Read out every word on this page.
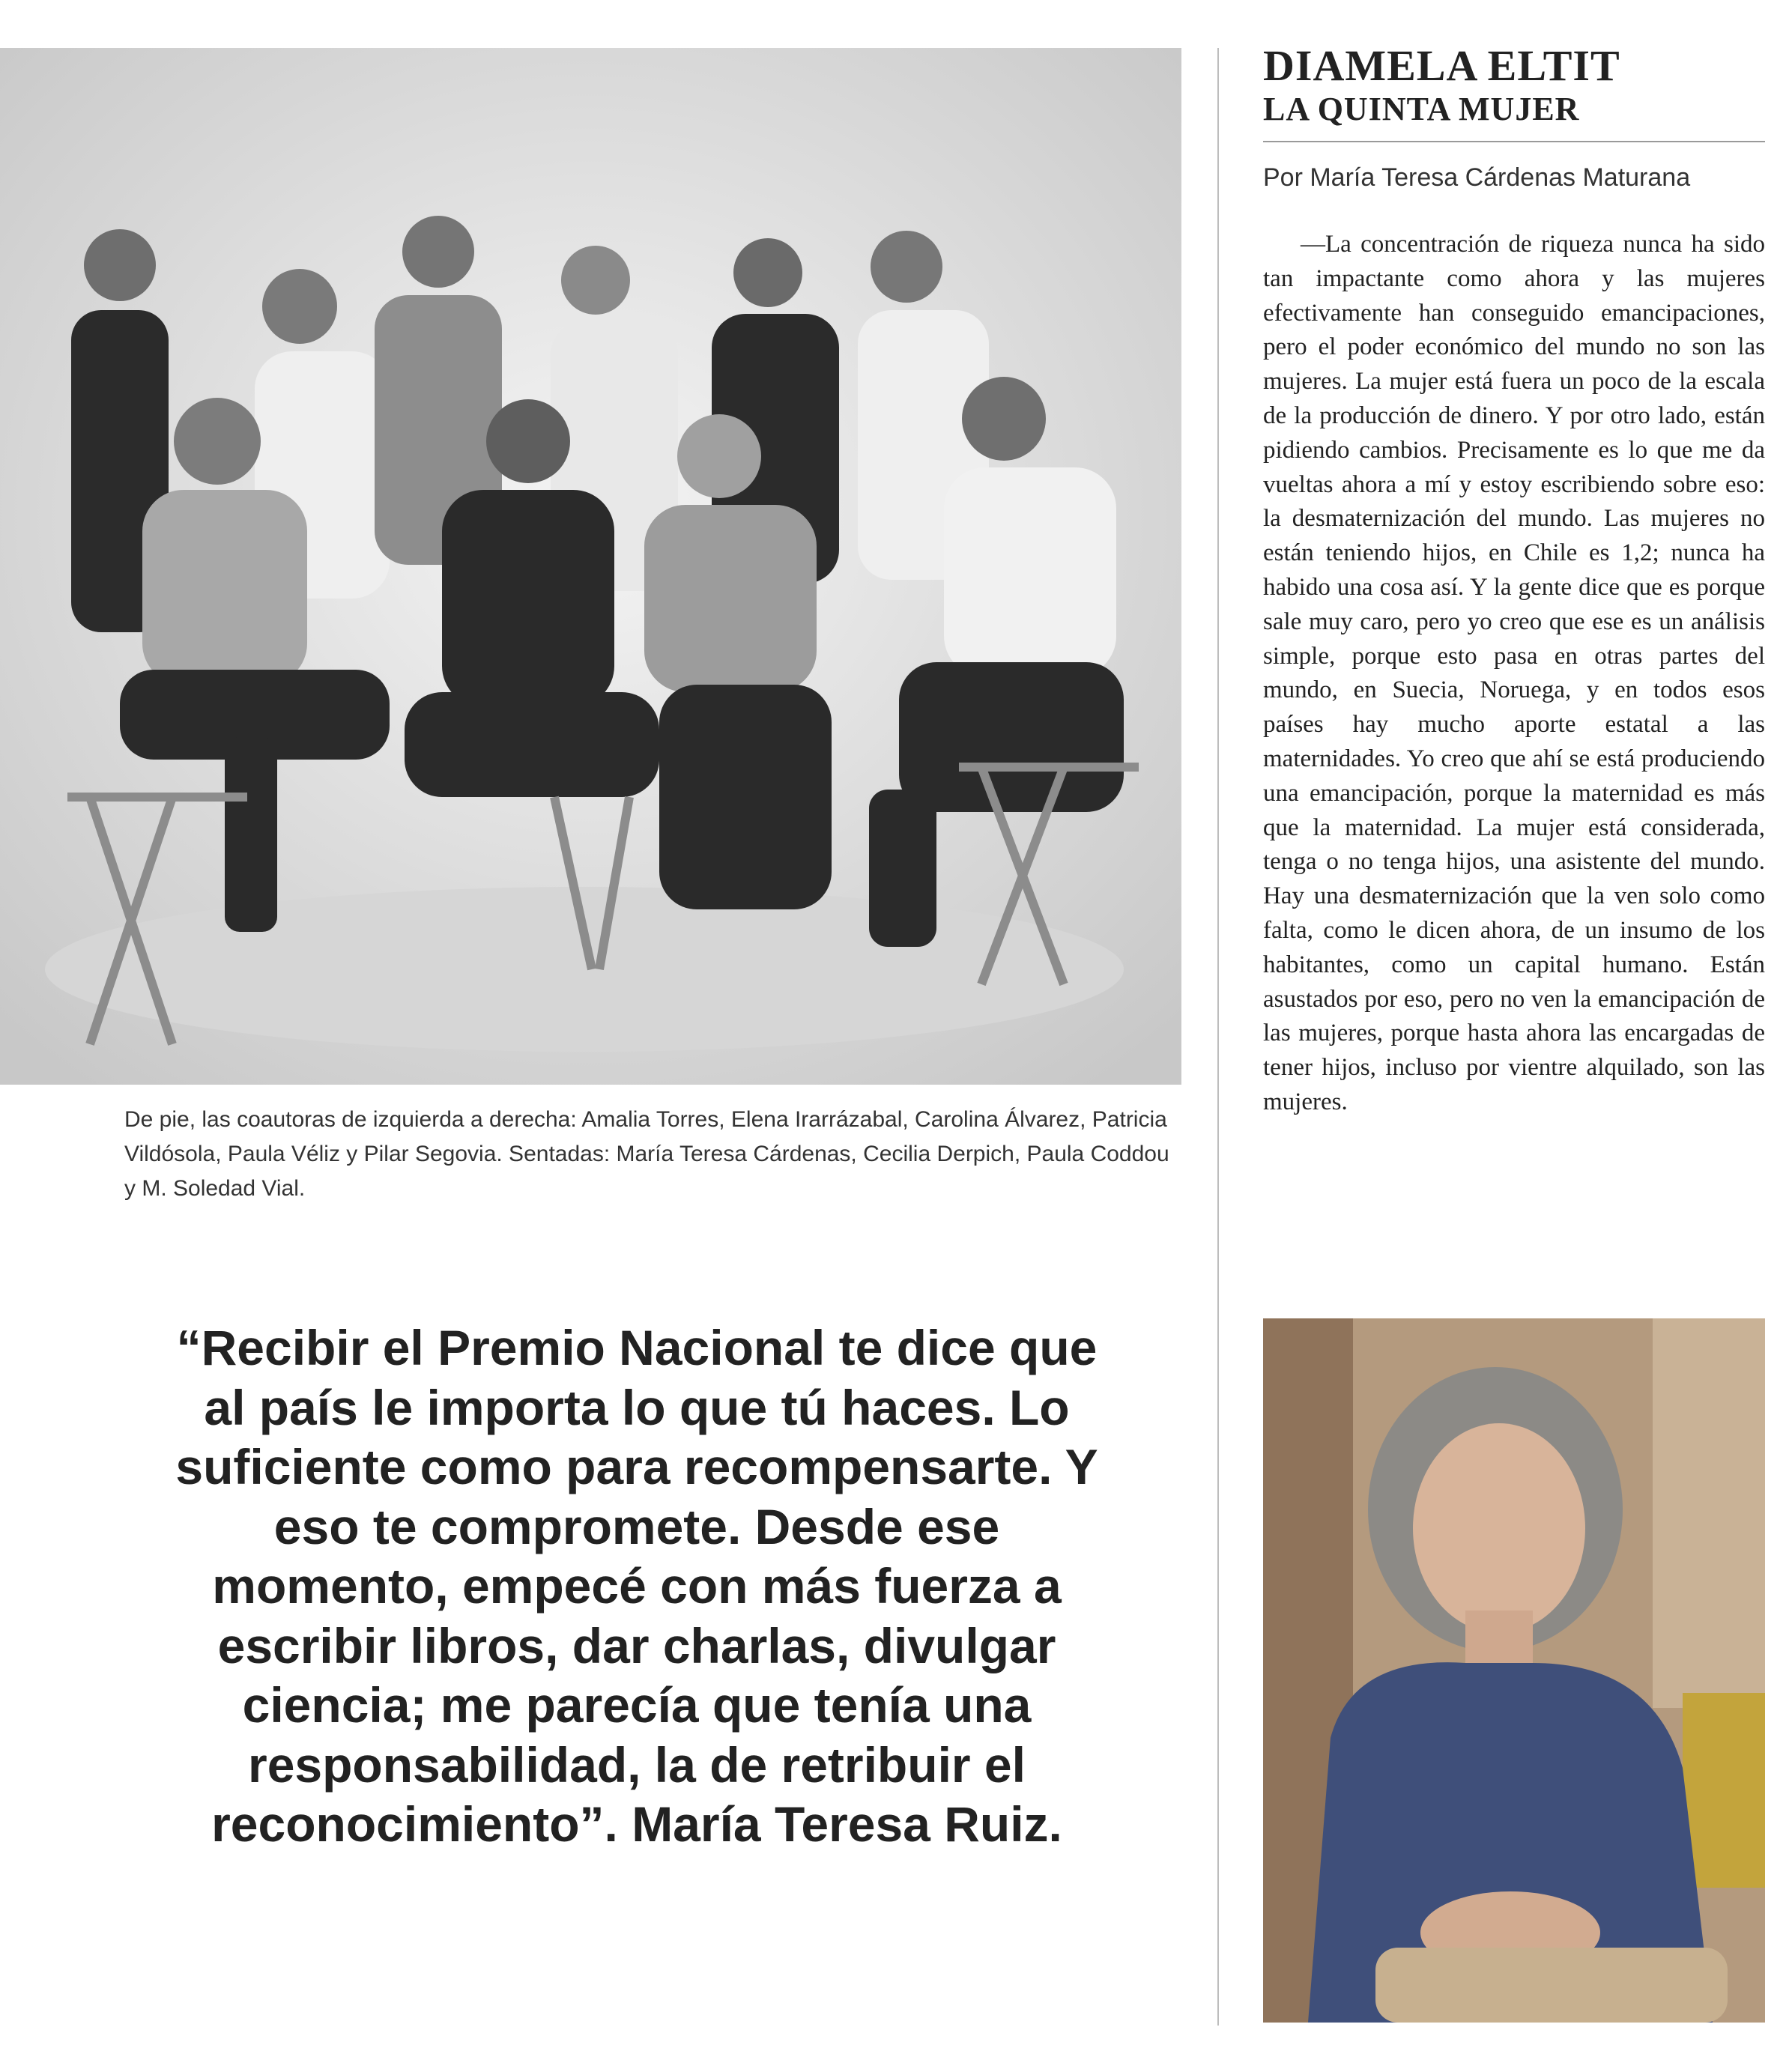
De pie, las coautoras de izquierda a derecha: Amalia Torres, Elena Irarrázabal, Carolina Álvarez, Patricia Vildósola, Paula Véliz y Pilar Segovia. Sentadas: María Teresa Cárdenas, Cecilia Derpich, Paula Coddou y M. Soledad Vial.
“Recibir el Premio Nacional te dice que al país le importa lo que tú haces. Lo suficiente como para recompensarte. Y eso te compromete. Desde ese momento, empecé con más fuerza a escribir libros, dar charlas, divulgar ciencia; me parecía que tenía una responsabilidad, la de retribuir el reconocimiento”. María Teresa Ruiz.
DIAMELA ELTIT
LA QUINTA MUJER
Por María Teresa Cárdenas Maturana

—La concentración de riqueza nunca ha sido tan impactante como ahora y las mujeres efectivamente han conseguido emancipaciones, pero el poder económico del mundo no son las mujeres. La mujer está fuera un poco de la escala de la producción de dinero. Y por otro lado, están pidiendo cambios. Precisamente es lo que me da vueltas ahora a mí y estoy escribiendo sobre eso: la desmaternización del mundo. Las mujeres no están teniendo hijos, en Chile es 1,2; nunca ha habido una cosa así. Y la gente dice que es porque sale muy caro, pero yo creo que ese es un análisis simple, porque esto pasa en otras partes del mundo, en Suecia, Noruega, y en todos esos países hay mucho aporte estatal a las maternidades. Yo creo que ahí se está produciendo una emancipación, porque la maternidad es más que la maternidad. La mujer está considerada, tenga o no tenga hijos, una asistente del mundo. Hay una desmaternización que la ven solo como falta, como le dicen ahora, de un insumo de los habitantes, como un capital humano. Están asustados por eso, pero no ven la emancipación de las mujeres, porque hasta ahora las encargadas de tener hijos, incluso por vientre alquilado, son las mujeres.
